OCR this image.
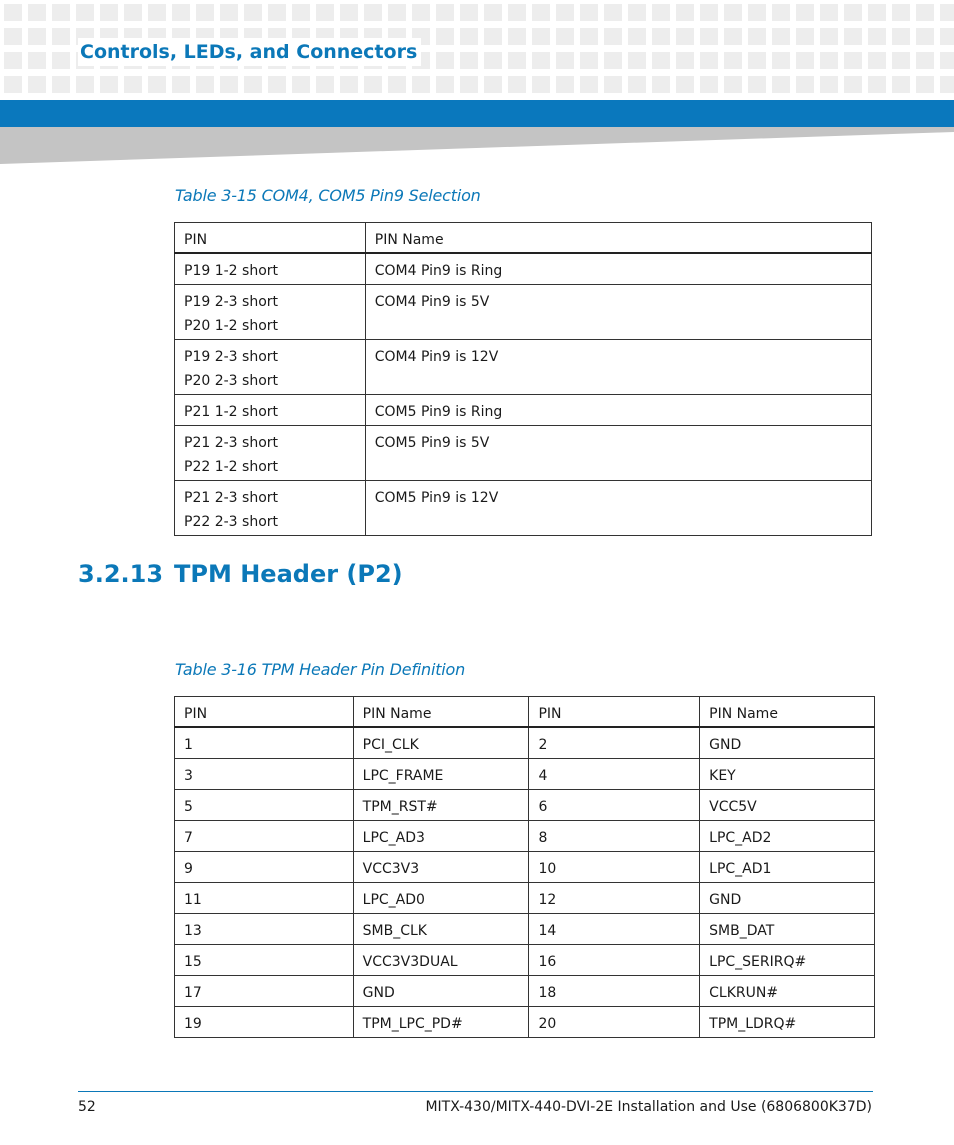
Controls, LEDs, and Connectors

Table 3-15 COM4, COM5 Pin9 Selection

PIN	PIN Name

P19 1-2 short	COM4 Pin9 is Ring

P19 2-3 short
P20 1-2 short	COM4 Pin9 is 5V

P19 2-3 short
P20 2-3 short	COM4 Pin9 is 12V

P21 1-2 short	COM5 Pin9 is Ring

P21 2-3 short
P22 1-2 short	COM5 Pin9 is 5V

P21 2-3 short
P22 2-3 short	COM5 Pin9 is 12V
3.2.13 TPM Header (P2)

Table 3-16 TPM Header Pin Definition

PIN	PIN Name	PIN	PIN Name
1	PCI_CLK	2	GND
3	LPC_FRAME	4	KEY
5	TPM_RST#	6	VCC5V
7	LPC_AD3	8	LPC_AD2
9	VCC3V3	10	LPC_AD1
11	LPC_AD0	12	GND
13	SMB_CLK	14	SMB_DAT
15	VCC3V3DUAL	16	LPC_SERIRQ#
17	GND	18	CLKRUN#
19	TPM_LPC_PD#	20	TPM_LDRQ#
52	MITX-430/MITX-440-DVI-2E Installation and Use (6806800K37D)
